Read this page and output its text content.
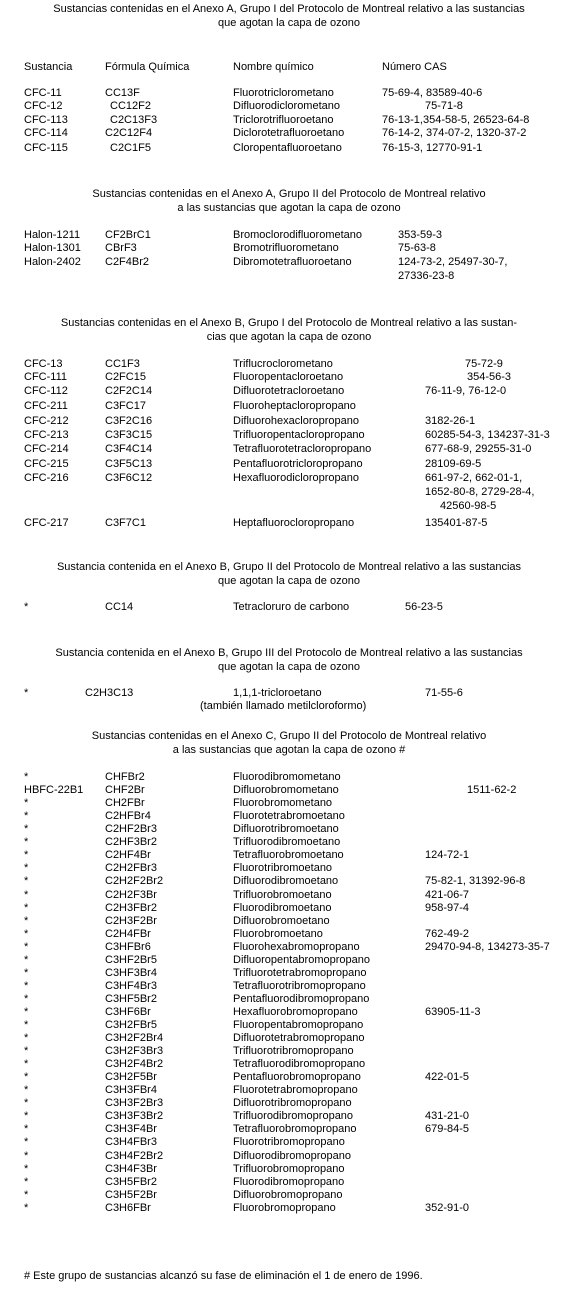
Sustancias contenidas en el Anexo A, Grupo I del Protocolo de Montreal relativo a las sustancias
que agotan la capa de ozono
Sustancia	Fórmula Química	Nombre químico	Número CAS
CFC-11	CC13F	Fluorotriclorometano	75-69-4, 83589-40-6
CFC-12	CC12F2	Difluorodiclorometano	75-71-8
CFC-113	C2C13F3	Triclorotrifluoroetano	76-13-1,354-58-5, 26523-64-8
CFC-114	C2C12F4	Diclorotetrafluoroetano	76-14-2, 374-07-2, 1320-37-2
CFC-115	C2C1F5	Cloropentafluoroetano	76-15-3, 12770-91-1
Sustancias contenidas en el Anexo A, Grupo II del Protocolo de Montreal relativo
a las sustancias que agotan la capa de ozono
Halon-1211 CF2BrC1	Bromoclorodifluorometano	353-59-3
Halon-1301 CBrF3	Bromotrifluorometano	75-63-8
Halon-2402 C2F4Br2	Dibromotetrafluoroetano	124-73-2, 25497-30-7,
27336-23-8
Sustancias contenidas en el Anexo B, Grupo I del Protocolo de Montreal relativo a las sustan-
cias que agotan la capa de ozono
CFC-13	CC1F3	Triflucroclorometano	75-72-9
CFC-111	C2FC15	Fluoropentacloroetano	354-56-3
CFC-112	C2F2C14	Difluorotetracloroetano	76-11-9, 76-12-0
CFC-211	C3FC17	Fluoroheptacloropropano
CFC-212	C3F2C16	Difluorohexacloropropano	3182-26-1
CFC-213	C3F3C15	Trifluoropentacloropropano	60285-54-3, 134237-31-3
CFC-214	C3F4C14	Tetrafluorotetracloropropano	677-68-9, 29255-31-0
CFC-215	C3F5C13	Pentafluorotricloropropano	28109-69-5
CFC-216	C3F6C12	Hexafluorodicloropropano	661-97-2, 662-01-1,
1652-80-8, 2729-28-4,
42560-98-5
CFC-217	C3F7C1	Heptafluorocloropropano	135401-87-5
Sustancia contenida en el Anexo B, Grupo II del Protocolo de Montreal relativo a las sustancias
que agotan la capa de ozono
*	CC14	Tetracloruro de carbono	56-23-5
Sustancia contenida en el Anexo B, Grupo III del Protocolo de Montreal relativo a las sustancias
que agotan la capa de ozono
*	C2H3C13	1,1,1-tricloroetano	71-55-6
(también llamado metilcloroformo)
Sustancias contenidas en el Anexo C, Grupo II del Protocolo de Montreal relativo
a las sustancias que agotan la capa de ozono #
*	CHFBr2	Fluorodibromometano
HBFC-22B1 CHF2Br	Difluorobromometano	1511-62-2
*	CH2FBr	Fluorobromometano
*	C2HFBr4	Fluorotetrabromoetano
*	C2HF2Br3	Difluorotribromoetano
*	C2HF3Br2	Trifluorodibromoetano
*	C2HF4Br	Tetrafluorobromoetano	124-72-1
*	C2H2FBr3	Fluorotribromoetano
*	C2H2F2Br2	Difluorodibromoetano	75-82-1, 31392-96-8
*	C2H2F3Br	Trifluorobromoetano	421-06-7
*	C2H3FBr2	Fluorodibromoetano	958-97-4
*	C2H3F2Br	Difluorobromoetano
*	C2H4FBr	Fluorobromoetano	762-49-2
*	C3HFBr6	Fluorohexabromopropano	29470-94-8, 134273-35-7
*	C3HF2Br5	Difluoropentabromopropano
*	C3HF3Br4	Trifluorotetrabromopropano
*	C3HF4Br3	Tetrafluorotribromopropano
*	C3HF5Br2	Pentafluorodibromopropano
*	C3HF6Br	Hexafluorobromopropano	63905-11-3
*	C3H2FBr5	Fluoropentabromopropano
*	C3H2F2Br4	Difluorotetrabromopropano
*	C3H2F3Br3	Trifluorotribromopropano
*	C3H2F4Br2	Tetrafluorodibromopropano
*	C3H2F5Br	Pentafluorobromopropano	422-01-5
*	C3H3FBr4	Fluorotetrabromopropano
*	C3H3F2Br3	Difluorotribromopropano
*	C3H3F3Br2	Trifluorodibromopropano	431-21-0
*	C3H3F4Br	Tetrafluorobromopropano	679-84-5
*	C3H4FBr3	Fluorotribromopropano
*	C3H4F2Br2	Difluorodibromopropano
*	C3H4F3Br	Trifluorobromopropano
*	C3H5FBr2	Fluorodibromopropano
*	C3H5F2Br	Difluorobromopropano
*	C3H6FBr	Fluorobromopropano	352-91-0
# Este grupo de sustancias alcanzó su fase de eliminación el 1 de enero de 1996.
